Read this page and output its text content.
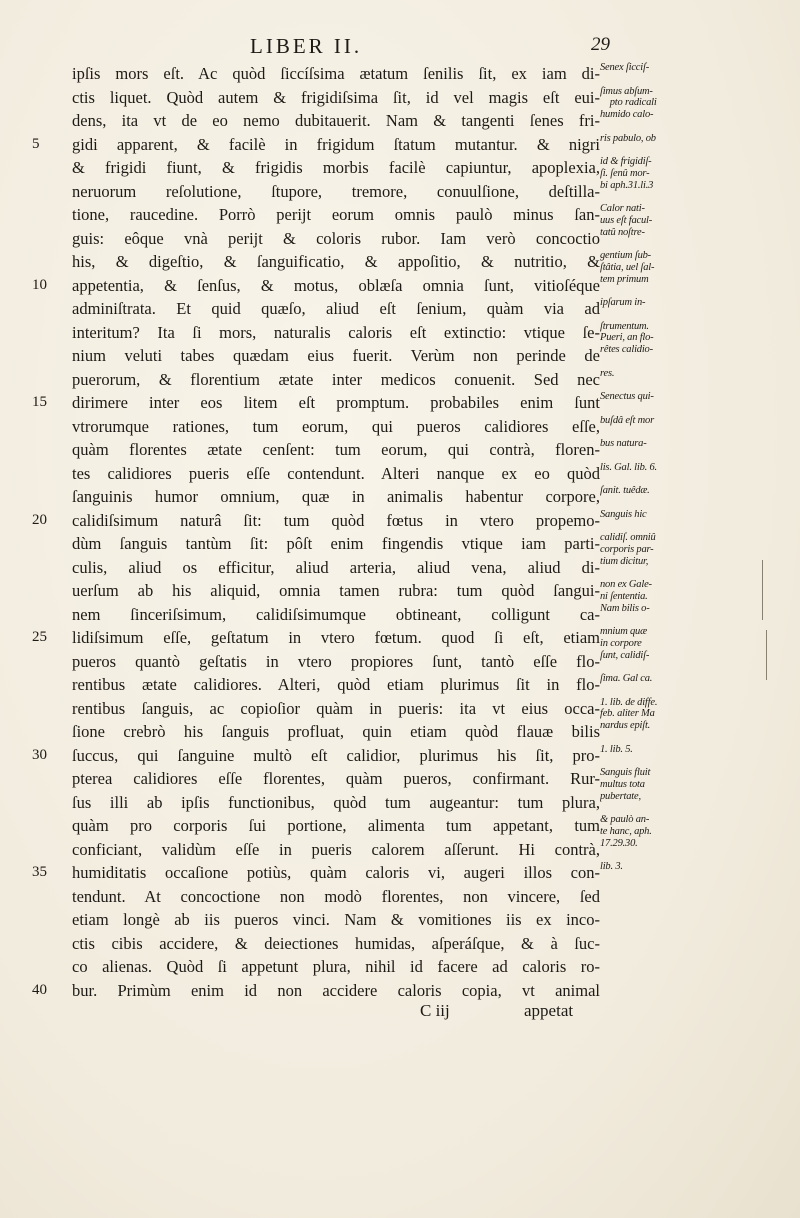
LIBER II.	29
ipſis mors eſt. Ac quòd ſiccíſsima ætatum ſenilis ſit, ex iam di-
ctis liquet. Quòd autem & frigidiſsima ſit, id vel magis eſt eui-
dens, ita vt de eo nemo dubitauerit. Nam & tangenti ſenes fri-
5	gidi apparent, & facilè in frigidum ſtatum mutantur. & nigri
& frigidi fiunt, & frigidis morbis facilè capiuntur, apoplexia,
neruorum reſolutione, ſtupore, tremore, conuulſione, deſtilla-
tione, raucedine. Porrò perijt eorum omnis paulò minus ſan-
guis: eôque vnà perijt & coloris rubor. Iam verò concoctio
his, & digeſtio, & ſanguificatio, & appoſitio, & nutritio, &
10	appetentia, & ſenſus, & motus, oblæſa omnia ſunt, vitioſéque
adminiſtrata. Et quid quæſo, aliud eſt ſenium, quàm via ad
interitum? Ita ſi mors, naturalis caloris eſt extinctio: vtique ſe-
nium veluti tabes quædam eius fuerit. Verùm non perinde de
puerorum, & florentium ætate inter medicos conuenit. Sed nec
15	dirimere inter eos litem eſt promptum. probabiles enim ſunt
vtrorumque rationes, tum eorum, qui pueros calidiores eſſe,
quàm florentes ætate cenſent: tum eorum, qui contrà, floren-
tes calidiores pueris eſſe contendunt. Alteri nanque ex eo quòd
ſanguinis humor omnium, quæ in animalis habentur corpore,
20	calidiſsimum naturâ ſit: tum quòd fœtus in vtero propemo-
dùm ſanguis tantùm ſit: pôſt enim fingendis vtique iam parti-
culis, aliud os efficitur, aliud arteria, aliud vena, aliud di-
uerſum ab his aliquid, omnia tamen rubra: tum quòd ſangui-
nem ſinceriſsimum, calidiſsimumque obtineant, colligunt ca-
25	lidiſsimum eſſe, geſtatum in vtero fœtum. quod ſi eſt, etiam
pueros quantò geſtatis in vtero propiores ſunt, tantò eſſe flo-
rentibus ætate calidiores. Alteri, quòd etiam plurimus ſit in flo-
rentibus ſanguis, ac copioſior quàm in pueris: ita vt eius occa-
ſione crebrò his ſanguis profluat, quin etiam quòd flauæ bilis
30	ſuccus, qui ſanguine multò eſt calidior, plurimus his ſit, pro-
pterea calidiores eſſe florentes, quàm pueros, confirmant. Rur-
ſus illi ab ipſis functionibus, quòd tum augeantur: tum plura,
quàm pro corporis ſui portione, alimenta tum appetant, tum
conficiant, validùm eſſe in pueris calorem aſſerunt. Hi contrà,
35	humiditatis occaſione potiùs, quàm caloris vi, augeri illos con-
tendunt. At concoctione non modò florentes, non vincere, ſed
etiam longè ab iis pueros vinci. Nam & vomitiones iis ex inco-
ctis cibis accidere, & deiectiones humidas, aſperáſque, & à ſuc-
co alienas. Quòd ſi appetunt plura, nihil id facere ad caloris ro-
40	bur. Primùm enim id non accidere caloris copia, vt animal
Senex ſicciſ-
ſimus abſum-
pto radicali
humido calo-
ris pabulo, ob
id & frigidiſ-
ſi. ſenû mor-
bi aph.31.li.3
Calor nati-
uus eſt facul-
tatû noſtre-
gentium ſub-
ſtâtia, uel ſal-
tem primum
ipſarum in-
ſtrumentum.
Pueri, an flo-
rêtes calidio-
res.
Senectus qui-
buſdâ eſt mor
bus natura-
lis. Gal. lib. 6.
ſanit. tuêdæ.
Sanguis hic
calidiſ. omniû
corporis par-
tium dicitur,
non ex Gale-
ni ſententia.
Nam bilis o-
mnium quæ
in corpore
ſunt, calidiſ-
ſima. Gal ca.
1. lib. de diffe.
feb. aliter Ma
nardus epiſt.
1. lib. 5.
Sanguis fluit
multus tota
pubertate,
& paulò an-
te hanc, aph.
17.29.30.
lib. 3.
C iij	appetat
